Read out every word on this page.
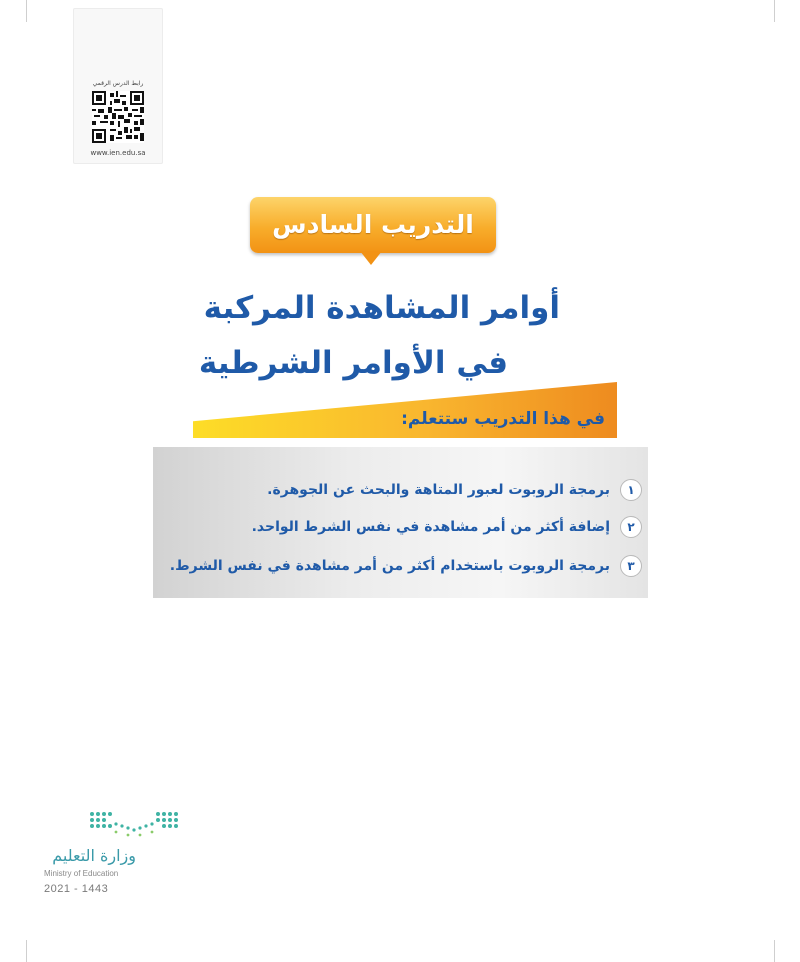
رابط الدرس الرقمي
www.ien.edu.sa
التدريب السادس
أوامر المشاهدة المركبة
في الأوامر الشرطية
في هذا التدريب ستتعلم:
١
برمجة الروبوت لعبور المتاهة والبحث عن الجوهرة.
٢
إضافة أكثر من أمر مشاهدة في نفس الشرط الواحد.
٣
برمجة الروبوت باستخدام أكثر من أمر مشاهدة في نفس الشرط.
وزارة التعليم
Ministry of Education
2021 - 1443
